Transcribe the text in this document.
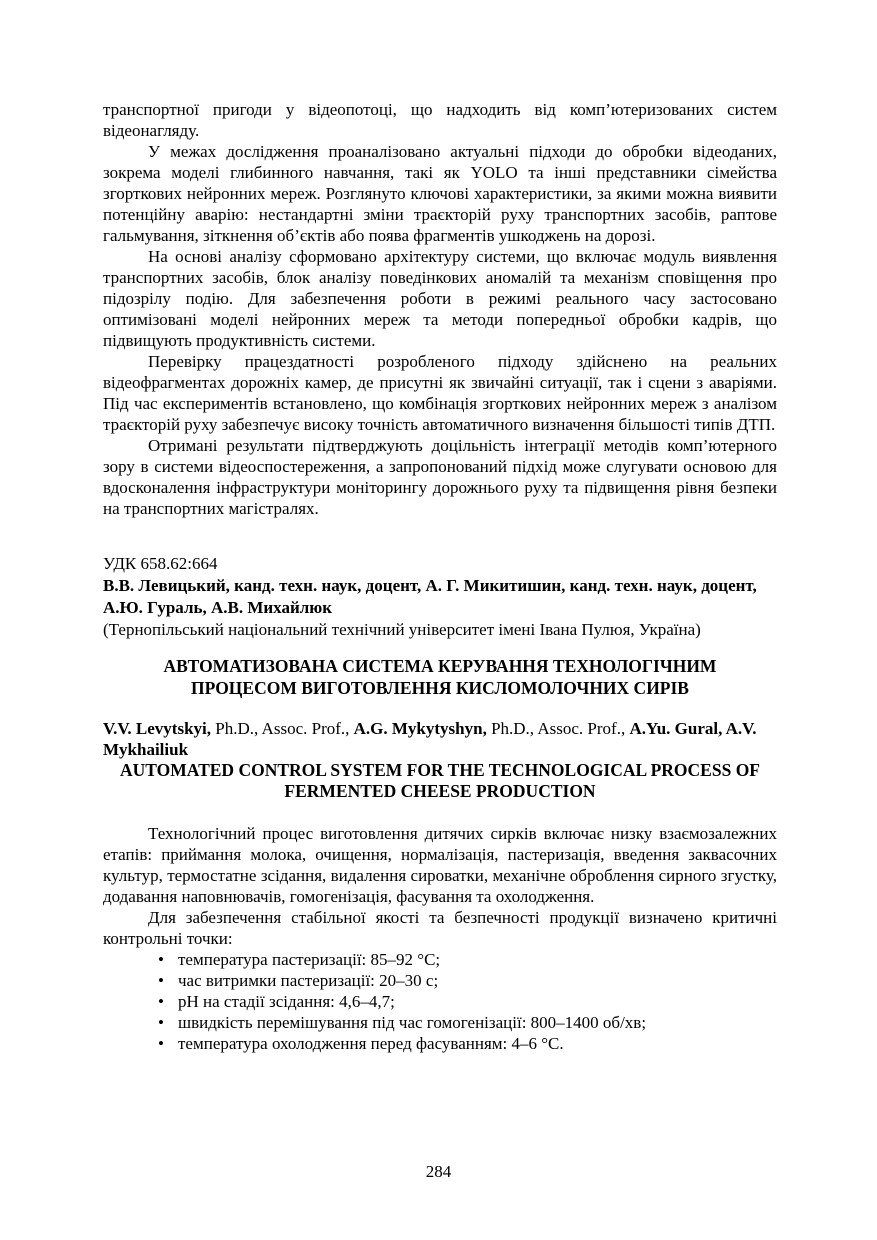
транспортної пригоди у відеопотоці, що надходить від комп’ютеризованих систем відеонагляду.

У межах дослідження проаналізовано актуальні підходи до обробки відеоданих, зокрема моделі глибинного навчання, такі як YOLO та інші представники сімейства згорткових нейронних мереж. Розглянуто ключові характеристики, за якими можна виявити потенційну аварію: нестандартні зміни траєкторій руху транспортних засобів, раптове гальмування, зіткнення об’єктів або поява фрагментів ушкоджень на дорозі.

На основі аналізу сформовано архітектуру системи, що включає модуль виявлення транспортних засобів, блок аналізу поведінкових аномалій та механізм сповіщення про підозрілу подію. Для забезпечення роботи в режимі реального часу застосовано оптимізовані моделі нейронних мереж та методи попередньої обробки кадрів, що підвищують продуктивність системи.

Перевірку працездатності розробленого підходу здійснено на реальних відеофрагментах дорожніх камер, де присутні як звичайні ситуації, так і сцени з аваріями. Під час експериментів встановлено, що комбінація згорткових нейронних мереж з аналізом траєкторій руху забезпечує високу точність автоматичного визначення більшості типів ДТП.

Отримані результати підтверджують доцільність інтеграції методів комп’ютерного зору в системи відеоспостереження, а запропонований підхід може слугувати основою для вдосконалення інфраструктури моніторингу дорожнього руху та підвищення рівня безпеки на транспортних магістралях.

УДК 658.62:664

В.В. Левицький, канд. техн. наук, доцент, А. Г. Микитишин, канд. техн. наук, доцент, А.Ю. Гураль, А.В. Михайлюк

(Тернопільський національний технічний університет імені Івана Пулюя, Україна)

АВТОМАТИЗОВАНА СИСТЕМА КЕРУВАННЯ ТЕХНОЛОГІЧНИМ ПРОЦЕСОМ ВИГОТОВЛЕННЯ КИСЛОМОЛОЧНИХ СИРІВ

V.V. Levytskyi, Ph.D., Assoc. Prof., A.G. Mykytyshyn, Ph.D., Assoc. Prof., A.Yu. Gural, A.V. Mykhailiuk

AUTOMATED CONTROL SYSTEM FOR THE TECHNOLOGICAL PROCESS OF FERMENTED CHEESE PRODUCTION

Технологічний процес виготовлення дитячих сирків включає низку взаємозалежних етапів: приймання молока, очищення, нормалізація, пастеризація, введення заквасочних культур, термостатне зсідання, видалення сироватки, механічне оброблення сирного згустку, додавання наповнювачів, гомогенізація, фасування та охолодження.

Для забезпечення стабільної якості та безпечності продукції визначено критичні контрольні точки:

• температура пастеризації: 85–92 °С;
• час витримки пастеризації: 20–30 с;
• pH на стадії зсідання: 4,6–4,7;
• швидкість перемішування під час гомогенізації: 800–1400 об/хв;
• температура охолодження перед фасуванням: 4–6 °С.
284
